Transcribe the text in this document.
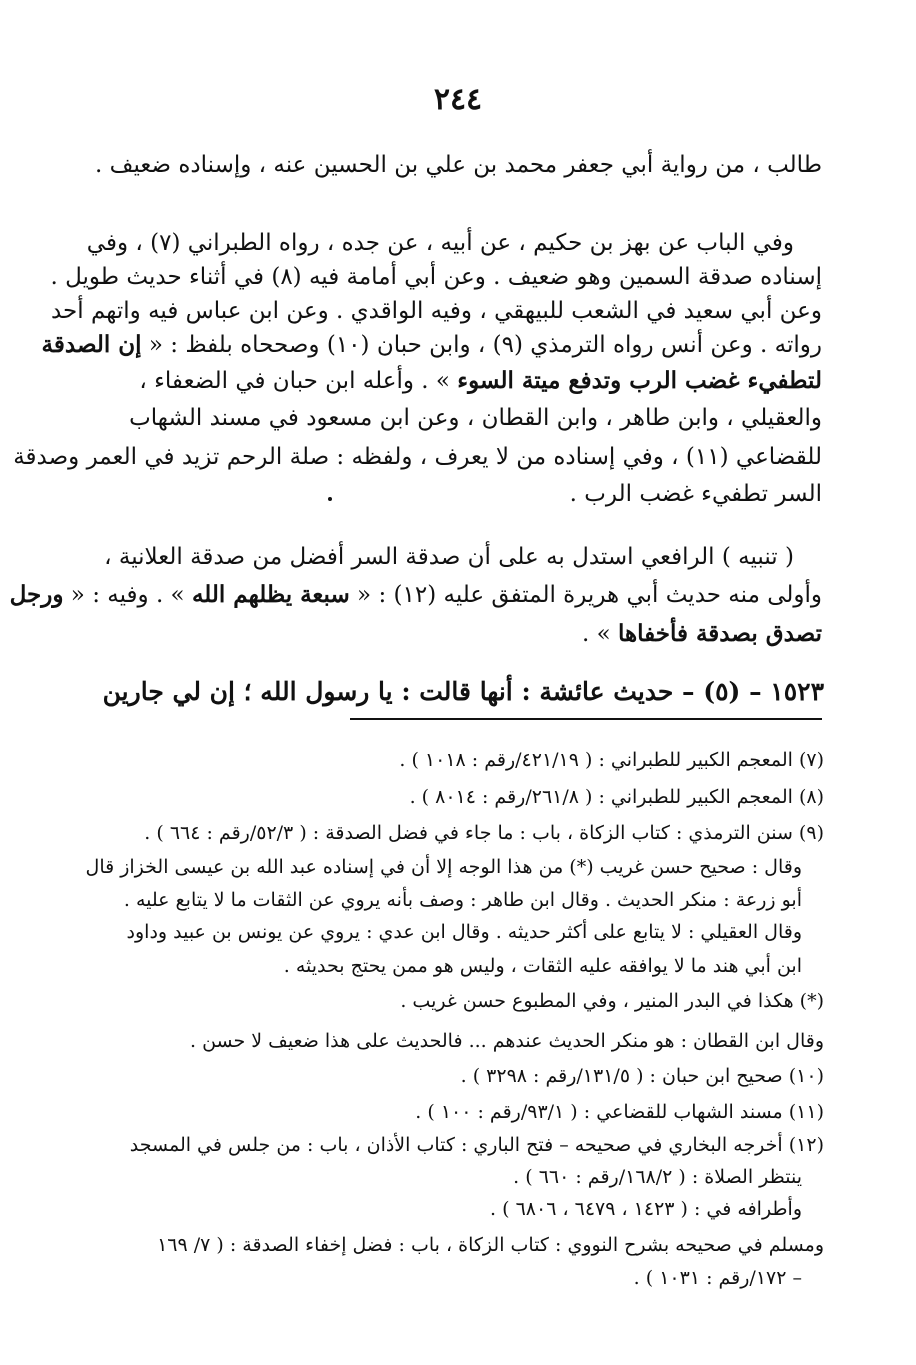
٢٤٤
طالب ، من رواية أبي جعفر محمد بن علي بن الحسين عنه ، وإسناده ضعيف .
وفي الباب عن بهز بن حكيم ، عن أبيه ، عن جده ، رواه الطبراني (٧) ، وفي
إسناده صدقة السمين وهو ضعيف . وعن أبي أمامة فيه (٨) في أثناء حديث طويل .
وعن أبي سعيد في الشعب للبيهقي ، وفيه الواقدي . وعن ابن عباس فيه واتهم أحد
رواته . وعن أنس رواه الترمذي (٩) ، وابن حبان (١٠) وصححاه بلفظ : « إن الصدقة
لتطفيء غضب الرب وتدفع ميتة السوء » . وأعله ابن حبان في الضعفاء ،
والعقيلي ، وابن طاهر ، وابن القطان ، وعن ابن مسعود في مسند الشهاب
للقضاعي (١١) ، وفي إسناده من لا يعرف ، ولفظه : صلة الرحم تزيد في العمر وصدقة
السر تطفيء غضب الرب .
( تنبيه ) الرافعي استدل به على أن صدقة السر أفضل من صدقة العلانية ،
وأولى منه حديث أبي هريرة المتفق عليه (١٢) : « سبعة يظلهم الله » . وفيه : « ورجل
تصدق بصدقة فأخفاها » .
١٥٢٣ – (٥) – حديث عائشة : أنها قالت : يا رسول الله ؛ إن لي جارين
(٧) المعجم الكبير للطبراني : ( ٤٢١/١٩/رقم : ١٠١٨ ) .
(٨) المعجم الكبير للطبراني : ( ٢٦١/٨/رقم : ٨٠١٤ ) .
(٩) سنن الترمذي : كتاب الزكاة ، باب : ما جاء في فضل الصدقة : ( ٥٢/٣/رقم : ٦٦٤ ) .
وقال : صحيح حسن غريب (*) من هذا الوجه إلا أن في إسناده عبد الله بن عيسى الخزاز قال
أبو زرعة : منكر الحديث . وقال ابن طاهر : وصف بأنه يروي عن الثقات ما لا يتابع عليه .
وقال العقيلي : لا يتابع على أكثر حديثه . وقال ابن عدي : يروي عن يونس بن عبيد وداود
ابن أبي هند ما لا يوافقه عليه الثقات ، وليس هو ممن يحتج بحديثه .
(*) هكذا في البدر المنير ، وفي المطبوع حسن غريب .
وقال ابن القطان : هو منكر الحديث عندهم ... فالحديث على هذا ضعيف لا حسن .
(١٠) صحيح ابن حبان : ( ١٣١/٥/رقم : ٣٢٩٨ ) .
(١١) مسند الشهاب للقضاعي : ( ٩٣/١/رقم : ١٠٠ ) .
(١٢) أخرجه البخاري في صحيحه – فتح الباري : كتاب الأذان ، باب : من جلس في المسجد
ينتظر الصلاة : ( ١٦٨/٢/رقم : ٦٦٠ ) .
وأطرافه في : ( ١٤٢٣ ، ٦٤٧٩ ، ٦٨٠٦ ) .
ومسلم في صحيحه بشرح النووي : كتاب الزكاة ، باب : فضل إخفاء الصدقة : ( ٧/ ١٦٩
– ١٧٢/رقم : ١٠٣١ ) .
